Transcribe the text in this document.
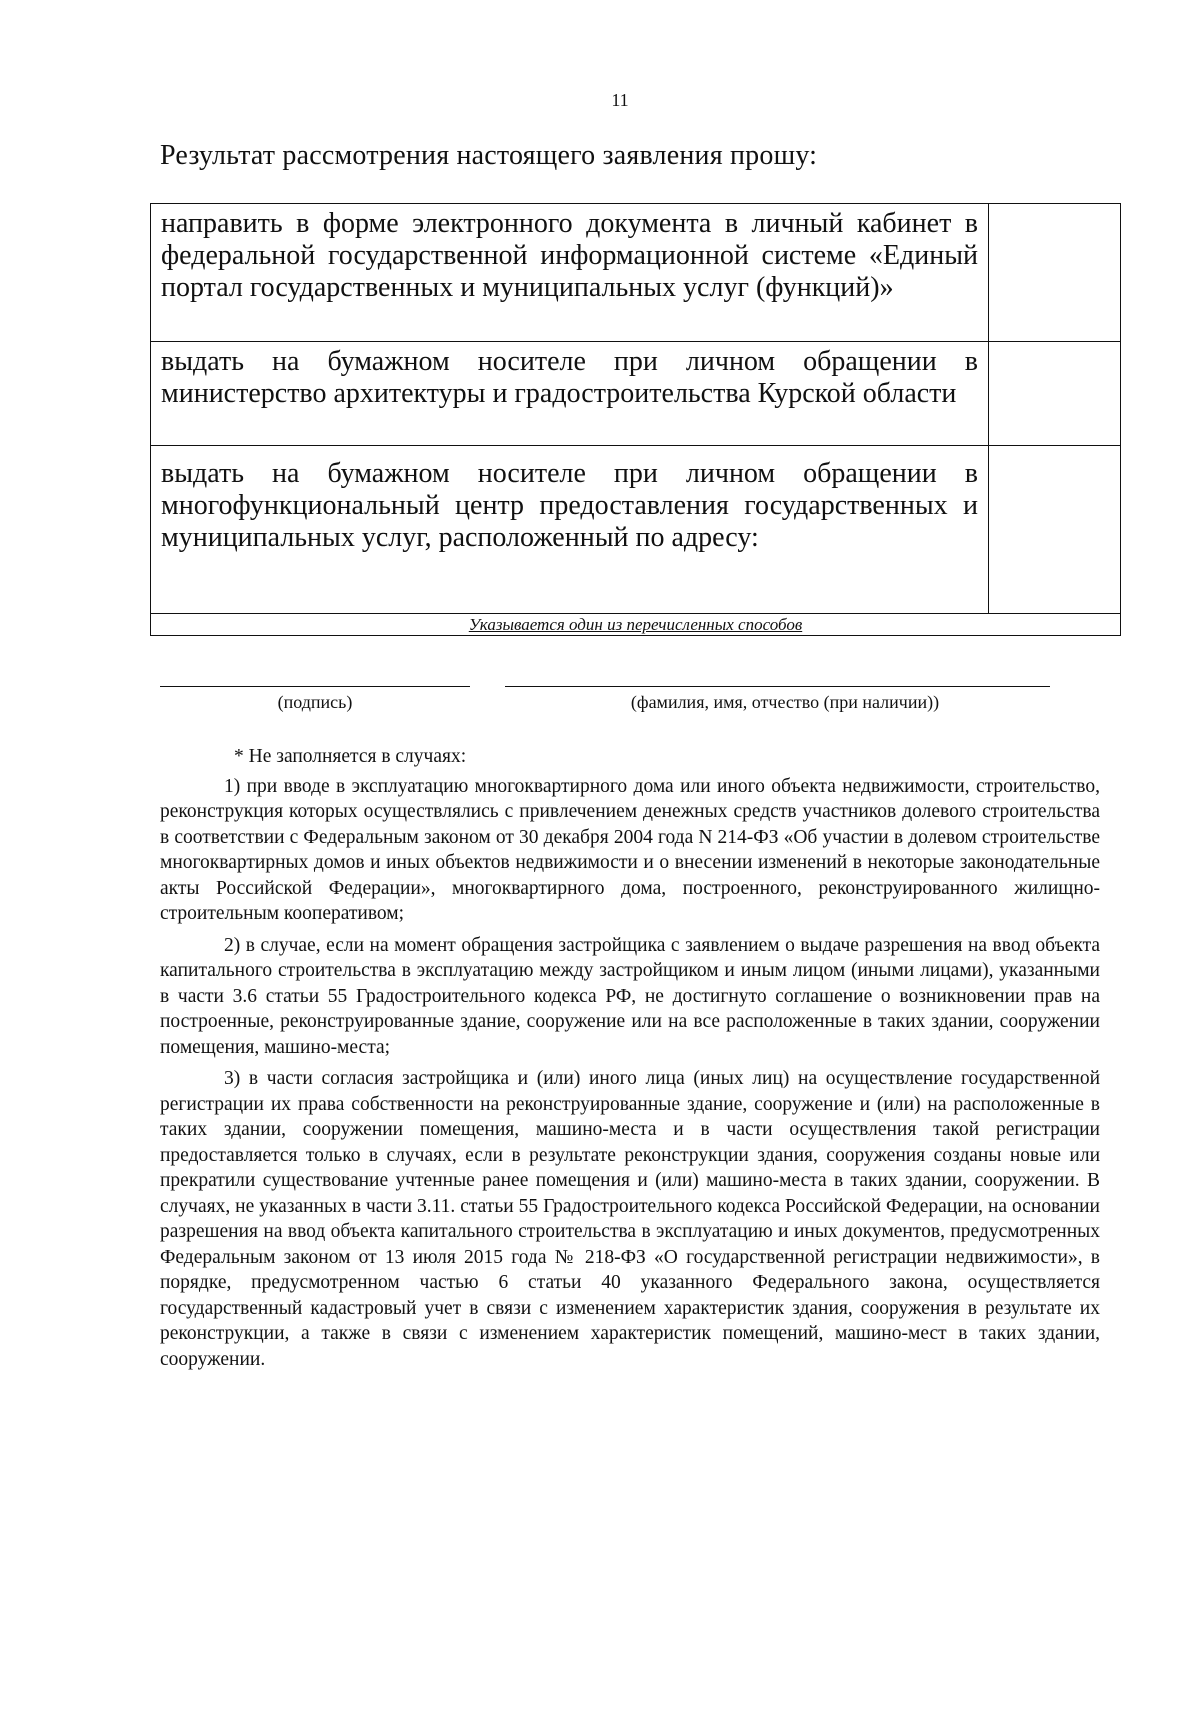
11
Результат рассмотрения настоящего заявления прошу:
направить в форме электронного документа в личный кабинет в федеральной государственной информационной системе «Единый портал государственных и муниципальных услуг (функций)»	
выдать на бумажном носителе при личном обращении в министерство архитектуры и градостроительства Курской области	
выдать на бумажном носителе при личном обращении в многофункциональный центр предоставления государственных и муниципальных услуг, расположенный по адресу:	
Указывается один из перечисленных способов	
(подпись)	(фамилия, имя, отчество (при наличии))

* Не заполняется в случаях:

1) при вводе в эксплуатацию многоквартирного дома или иного объекта недвижимости, строительство, реконструкция которых осуществлялись с привлечением денежных средств участников долевого строительства в соответствии с Федеральным законом от 30 декабря 2004 года N 214-ФЗ «Об участии в долевом строительстве многоквартирных домов и иных объектов недвижимости и о внесении изменений в некоторые законодательные акты Российской Федерации», многоквартирного дома, построенного, реконструированного жилищно-строительным кооперативом;

2) в случае, если на момент обращения застройщика с заявлением о выдаче разрешения на ввод объекта капитального строительства в эксплуатацию между застройщиком и иным лицом (иными лицами), указанными в части 3.6 статьи 55 Градостроительного кодекса РФ, не достигнуто соглашение о возникновении прав на построенные, реконструированные здание, сооружение или на все расположенные в таких здании, сооружении помещения, машино-места;

3) в части согласия застройщика и (или) иного лица (иных лиц) на осуществление государственной регистрации их права собственности на реконструированные здание, сооружение и (или) на расположенные в таких здании, сооружении помещения, машино-места и в части осуществления такой регистрации предоставляется только в случаях, если в результате реконструкции здания, сооружения созданы новые или прекратили существование учтенные ранее помещения и (или) машино-места в таких здании, сооружении. В случаях, не указанных в части 3.11. статьи 55 Градостроительного кодекса Российской Федерации, на основании разрешения на ввод объекта капитального строительства в эксплуатацию и иных документов, предусмотренных Федеральным законом от 13 июля 2015 года № 218-ФЗ «О государственной регистрации недвижимости», в порядке, предусмотренном частью 6 статьи 40 указанного Федерального закона, осуществляется государственный кадастровый учет в связи с изменением характеристик здания, сооружения в результате их реконструкции, а также в связи с изменением характеристик помещений, машино-мест в таких здании, сооружении.
